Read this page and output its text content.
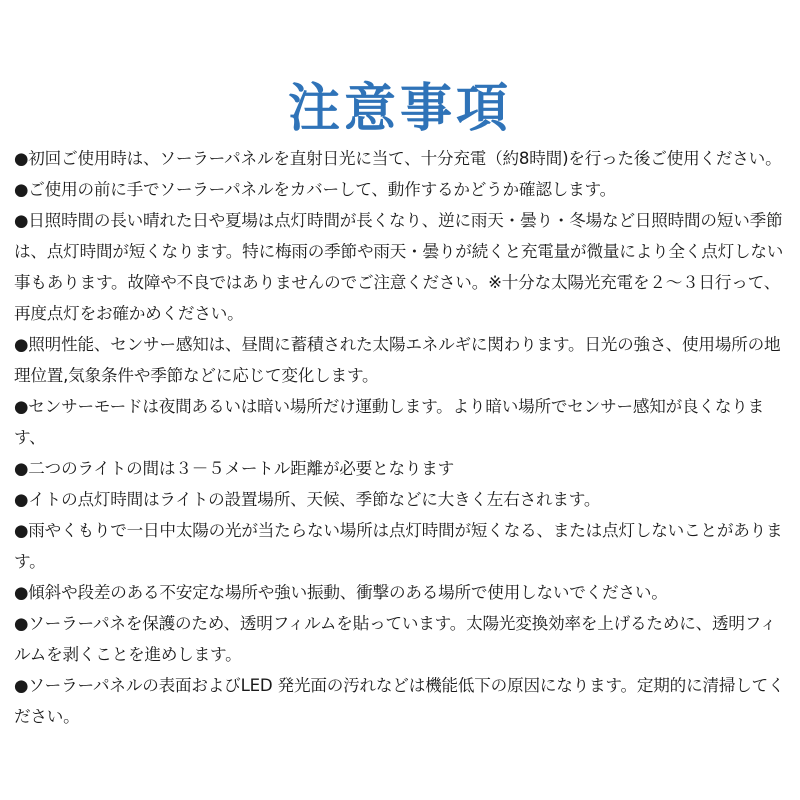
注意事項
●初回ご使用時は、ソーラーパネルを直射日光に当て、十分充電（約8時間)を行った後ご使用ください。
●ご使用の前に手でソーラーパネルをカバーして、動作するかどうか確認します。
●日照時間の長い晴れた日や夏場は点灯時間が長くなり、逆に雨天・曇り・冬場など日照時間の短い季節は、点灯時間が短くなります。特に梅雨の季節や雨天・曇りが続くと充電量が微量により全く点灯しない事もあります。故障や不良ではありませんのでご注意ください。※十分な太陽光充電を２～３日行って、再度点灯をお確かめください。
●照明性能、センサー感知は、昼間に蓄積された太陽エネルギに関わります。日光の強さ、使用場所の地理位置,気象条件や季節などに応じて変化します。
●センサーモードは夜間あるいは暗い場所だけ運動します。より暗い場所でセンサー感知が良くなります、
●二つのライトの間は３－５メートル距離が必要となります
●イトの点灯時間はライトの設置場所、天候、季節などに大きく左右されます。
●雨やくもりで一日中太陽の光が当たらない場所は点灯時間が短くなる、または点灯しないことがあります。
●傾斜や段差のある不安定な場所や強い振動、衝撃のある場所で使用しないでください。
●ソーラーパネを保護のため、透明フィルムを貼っています。太陽光変換効率を上げるために、透明フィルムを剥くことを進めします。
●ソーラーパネルの表面およびLED 発光面の汚れなどは機能低下の原因になります。定期的に清掃してください。
